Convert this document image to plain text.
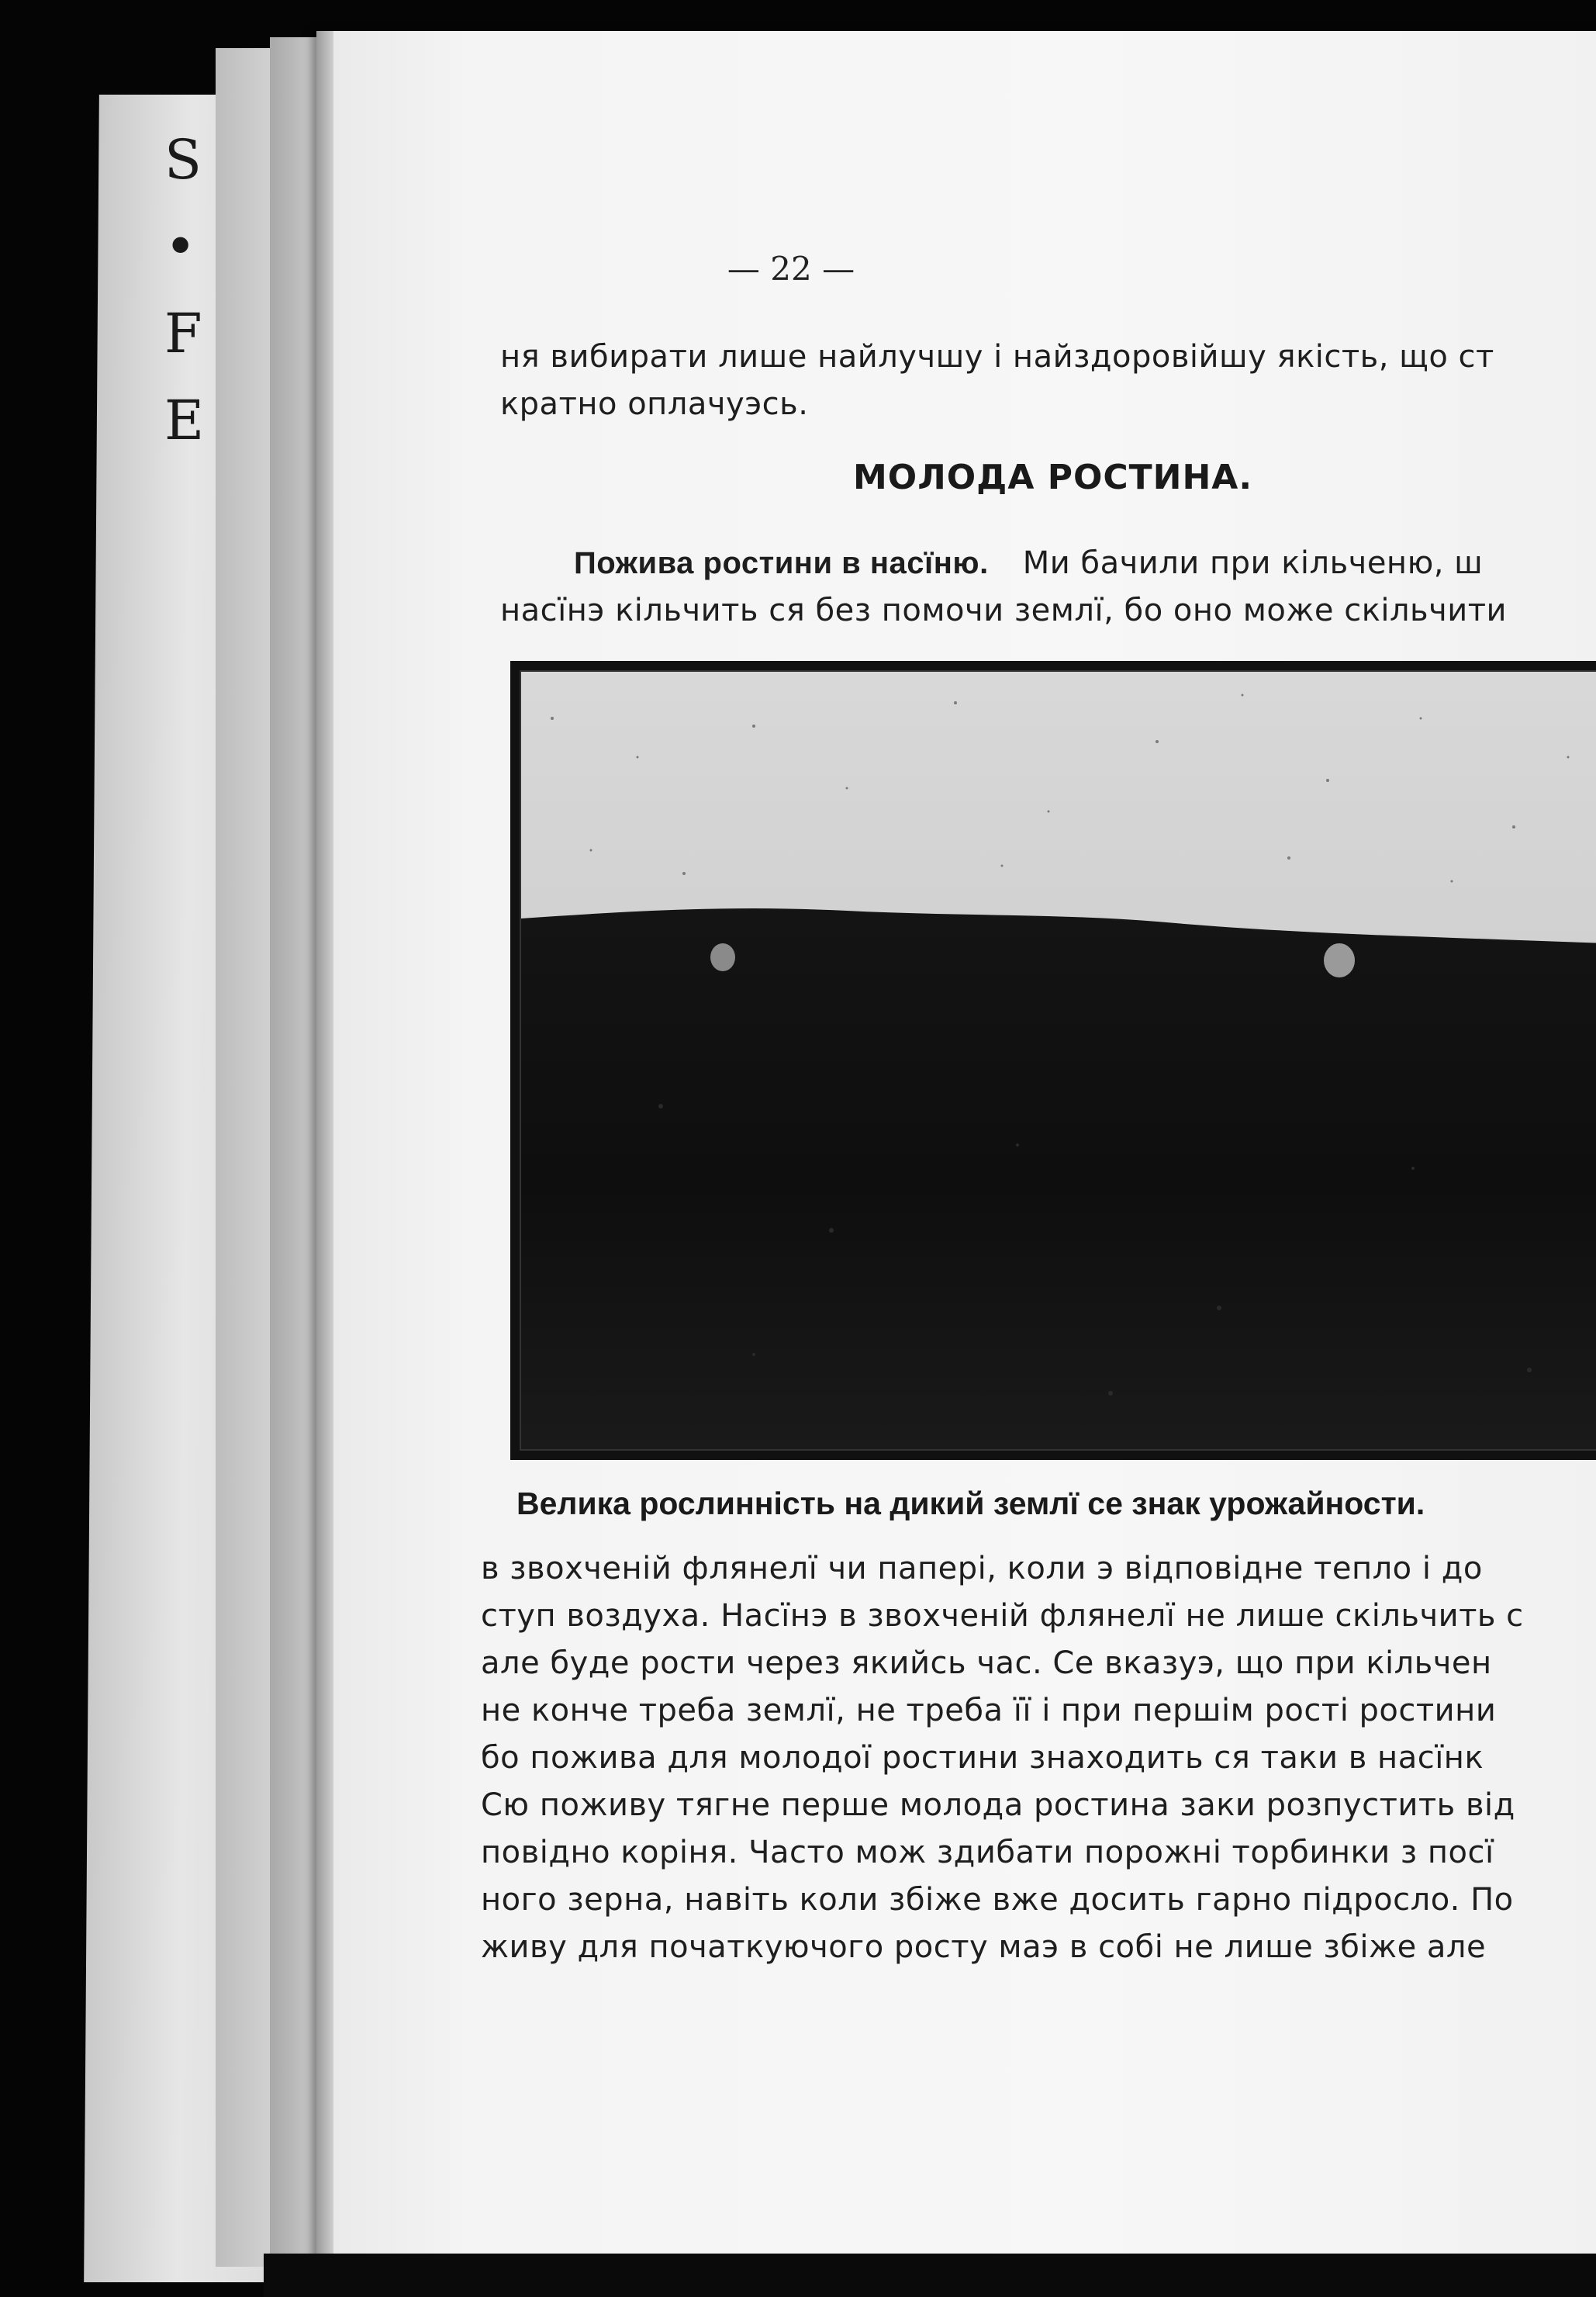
S
•
F
E
— 22 —
ня вибирати лише найлучшу і найздоровійшу якість, що ст
кратно оплачуэсь.
МОЛОДА РОСТИНА.
Пожива ростини в насїню. Ми бачили при кільченю, ш
насїнэ кільчить ся без помочи землї, бо оно може скільчити
Велика рослинність на дикий землї се знак урожайности.
в звохченій флянелї чи папері, коли э відповідне тепло і до
ступ воздуха. Насїнэ в звохченій флянелї не лише скільчить с
але буде рости через якийсь час. Се вказуэ, що при кільчен
не конче треба землї, не треба її і при першім рості ростини
бо пожива для молодої ростини знаходить ся таки в насїнк
Сю поживу тягне перше молода ростина заки розпустить від
повідно коріня. Часто мож здибати порожні торбинки з посї
ного зерна, навіть коли збіже вже досить гарно підросло. По
живу для початкуючого росту маэ в собі не лише збіже але
